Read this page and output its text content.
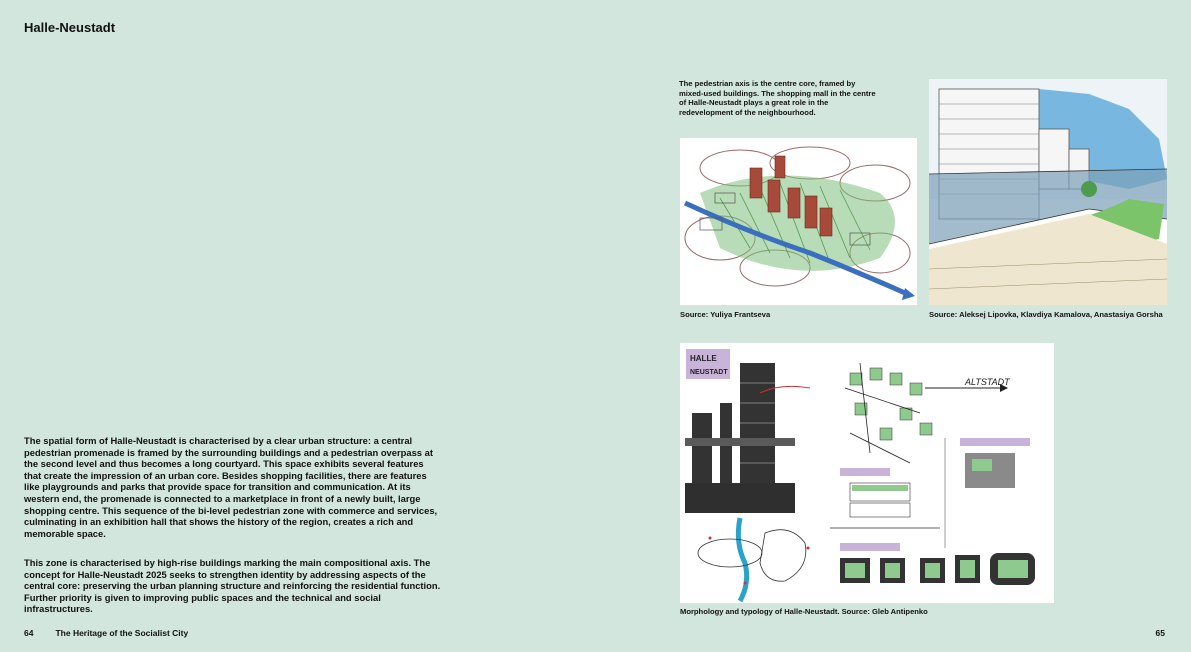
Halle-Neustadt
The spatial form of Halle-Neustadt is characterised by a clear urban structure: a central pedestrian promenade is framed by the surrounding buildings and a pedestrian overpass at the second level and thus becomes a long courtyard. This space exhibits several features that create the impression of an urban core. Besides shopping facilities, there are features like playgrounds and parks that provide space for transition and communication. At its western end, the promenade is connected to a marketplace in front of a newly built, large shopping centre. This sequence of the bi-level pedestrian zone with commerce and services, culminating in an exhibition hall that shows the history of the region, creates a rich and memorable space.
This zone is characterised by high-rise buildings marking the main compositional axis. The concept for Halle-Neustadt 2025 seeks to strengthen identity by addressing aspects of the central core: preserving the urban planning structure and reinforcing the residential function. Further priority is given to improving public spaces and the technical and social infrastructures.
64	The Heritage of the Socialist City	65
The pedestrian axis is the centre core, framed by mixed-used buildings. The shopping mall in the centre of Halle-Neustadt plays a great role in the redevelopment of the neighbourhood.
Source: Yuliya Frantseva	Source: Aleksej Lipovka, Klavdiya Kamalova, Anastasiya Gorsha
HALLE
NEUSTADT
ALTSTADT
Morphology and typology of Halle-Neustadt. Source: Gleb Antipenko
